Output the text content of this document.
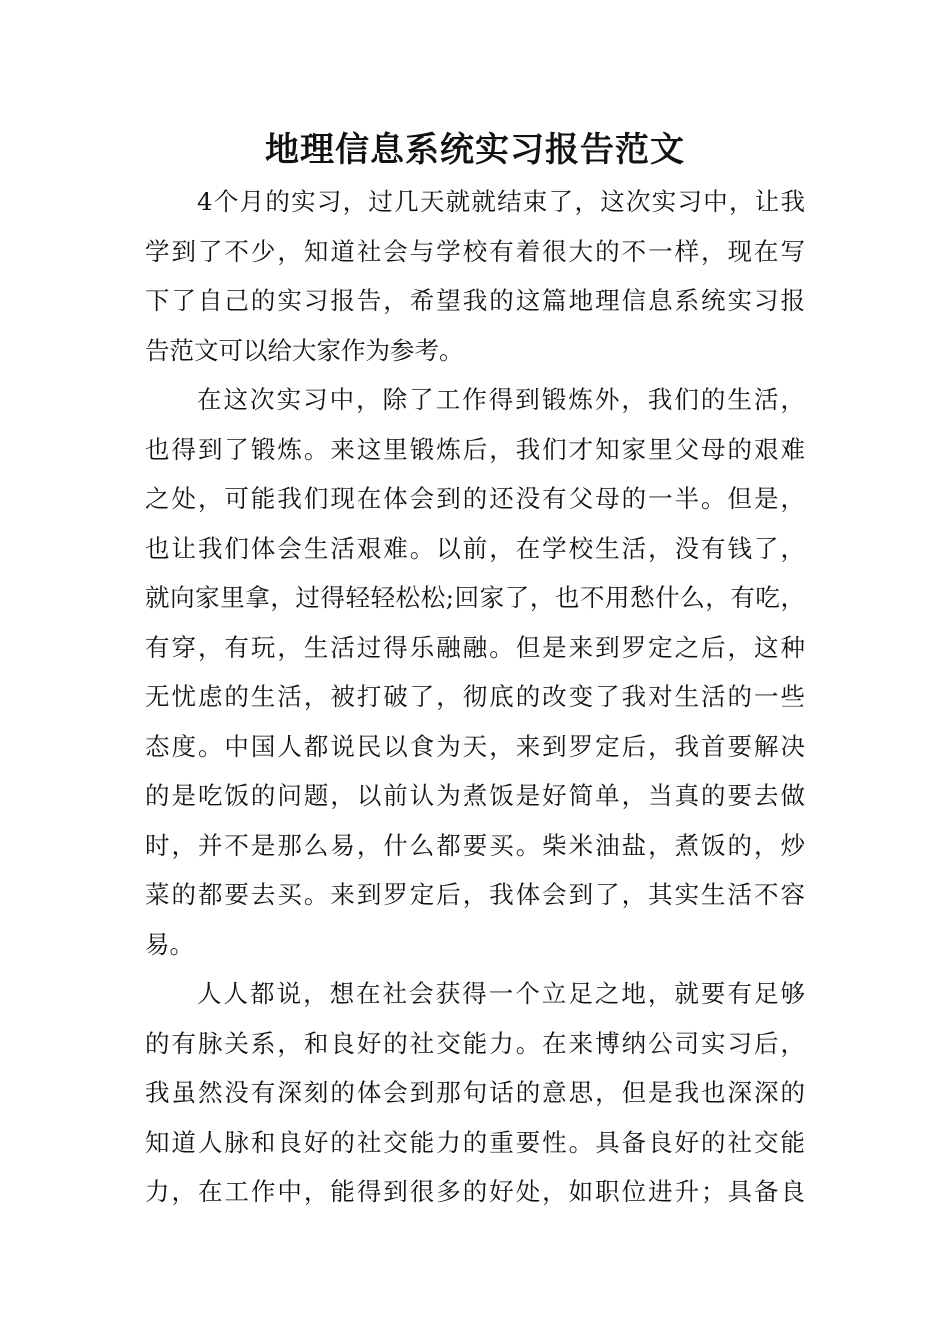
地理信息系统实习报告范文
4个月的实习，过几天就就结束了，这次实习中，让我
学到了不少，知道社会与学校有着很大的不一样，现在写
下了自己的实习报告，希望我的这篇地理信息系统实习报
告范文可以给大家作为参考。
在这次实习中，除了工作得到锻炼外，我们的生活，
也得到了锻炼。来这里锻炼后，我们才知家里父母的艰难
之处，可能我们现在体会到的还没有父母的一半。但是，
也让我们体会生活艰难。以前，在学校生活，没有钱了，
就向家里拿，过得轻轻松松;回家了，也不用愁什么，有吃，
有穿，有玩，生活过得乐融融。但是来到罗定之后，这种
无忧虑的生活，被打破了，彻底的改变了我对生活的一些
态度。中国人都说民以食为天，来到罗定后，我首要解决
的是吃饭的问题，以前认为煮饭是好简单，当真的要去做
时，并不是那么易，什么都要买。柴米油盐，煮饭的，炒
菜的都要去买。来到罗定后，我体会到了，其实生活不容
易。
人人都说，想在社会获得一个立足之地，就要有足够
的有脉关系，和良好的社交能力。在来博纳公司实习后，
我虽然没有深刻的体会到那句话的意思，但是我也深深的
知道人脉和良好的社交能力的重要性。具备良好的社交能
力，在工作中，能得到很多的好处，如职位进升；具备良
